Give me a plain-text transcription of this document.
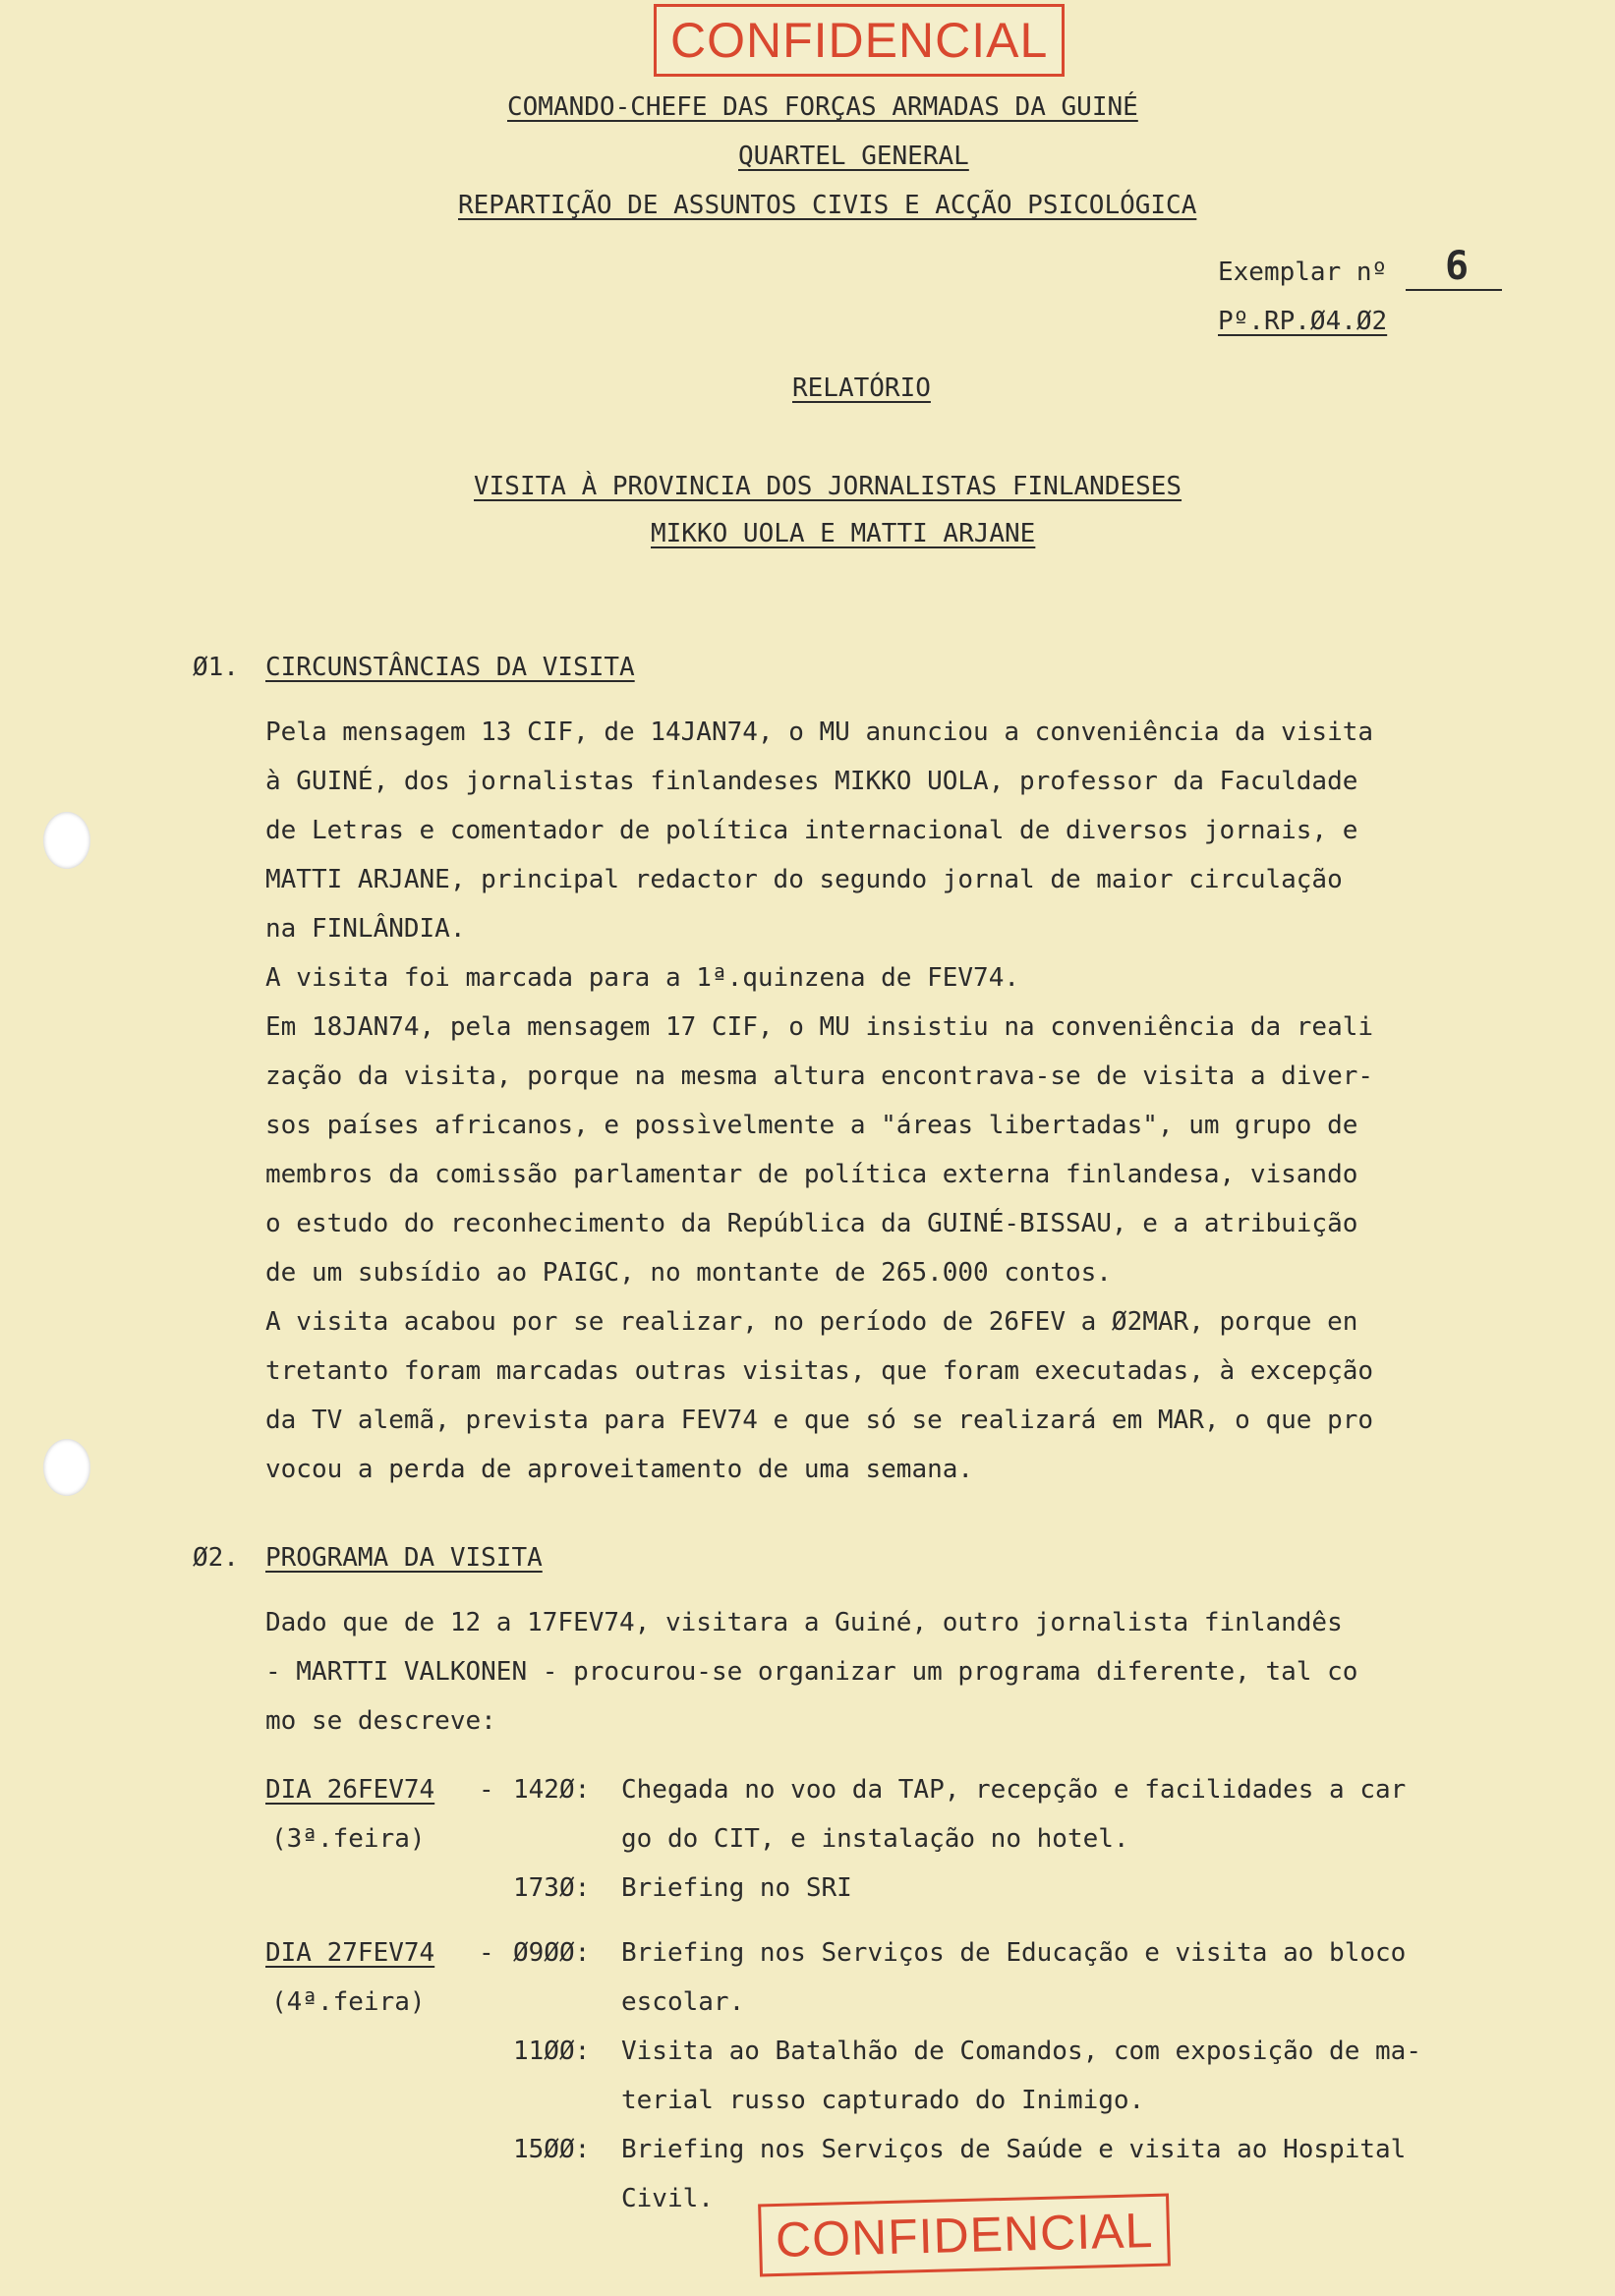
CONFIDENCIAL
COMANDO-CHEFE DAS FORÇAS ARMADAS DA GUINÉ
QUARTEL GENERAL
REPARTIÇÃO DE ASSUNTOS CIVIS E ACÇÃO PSICOLÓGICA
Exemplar nº 6
Pº.RP.Ø4.Ø2
RELATÓRIO
VISITA À PROVINCIA DOS JORNALISTAS FINLANDESES
MIKKO UOLA E MATTI ARJANE
Ø1. CIRCUNSTÂNCIAS DA VISITA
Pela mensagem 13 CIF, de 14JAN74, o MU anunciou a conveniência da visita
à GUINÉ, dos jornalistas finlandeses MIKKO UOLA, professor da Faculdade
de Letras e comentador de política internacional de diversos jornais, e
MATTI ARJANE, principal redactor do segundo jornal de maior circulação
na FINLÂNDIA.
A visita foi marcada para a 1ª.quinzena de FEV74.
Em 18JAN74, pela mensagem 17 CIF, o MU insistiu na conveniência da reali
zação da visita, porque na mesma altura encontrava-se de visita a diver-
sos países africanos, e possìvelmente a "áreas libertadas", um grupo de
membros da comissão parlamentar de política externa finlandesa, visando
o estudo do reconhecimento da República da GUINÉ-BISSAU, e a atribuição
de um subsídio ao PAIGC, no montante de 265.000 contos.
A visita acabou por se realizar, no período de 26FEV a Ø2MAR, porque en
tretanto foram marcadas outras visitas, que foram executadas, à excepção
da TV alemã, prevista para FEV74 e que só se realizará em MAR, o que pro
vocou a perda de aproveitamento de uma semana.
Ø2. PROGRAMA DA VISITA
Dado que de 12 a 17FEV74, visitara a Guiné, outro jornalista finlandês
- MARTTI VALKONEN - procurou-se organizar um programa diferente, tal co
mo se descreve:
DIA 26FEV74 -
(3ª.feira)
142Ø: Chegada no voo da TAP, recepção e facilidades a car
go do CIT, e instalação no hotel.
173Ø: Briefing no SRI
DIA 27FEV74 -
(4ª.feira)
Ø9ØØ: Briefing nos Serviços de Educação e visita ao bloco
escolar.
11ØØ: Visita ao Batalhão de Comandos, com exposição de ma-
terial russo capturado do Inimigo.
15ØØ: Briefing nos Serviços de Saúde e visita ao Hospital
Civil.
CONFIDENCIAL
